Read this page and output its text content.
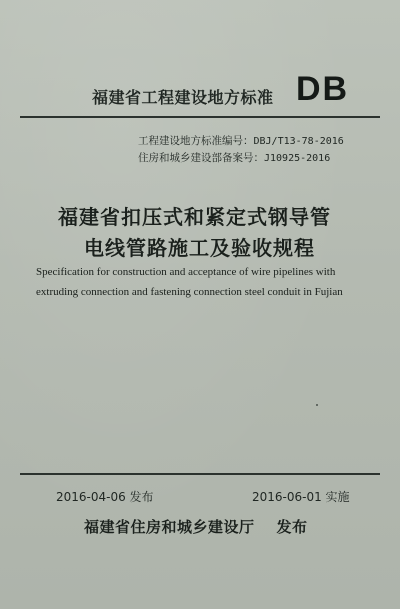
福建省工程建设地方标准 DB
工程建设地方标准编号：DBJ/T13-78-2016
住房和城乡建设部备案号：J10925-2016
福建省扣压式和紧定式钢导管
电线管路施工及验收规程
Specification for construction and acceptance of wire pipelines with
extruding connection and fastening connection steel conduit in Fujian
2016-04-06 发布	2016-06-01 实施
福建省住房和城乡建设厅 发布
